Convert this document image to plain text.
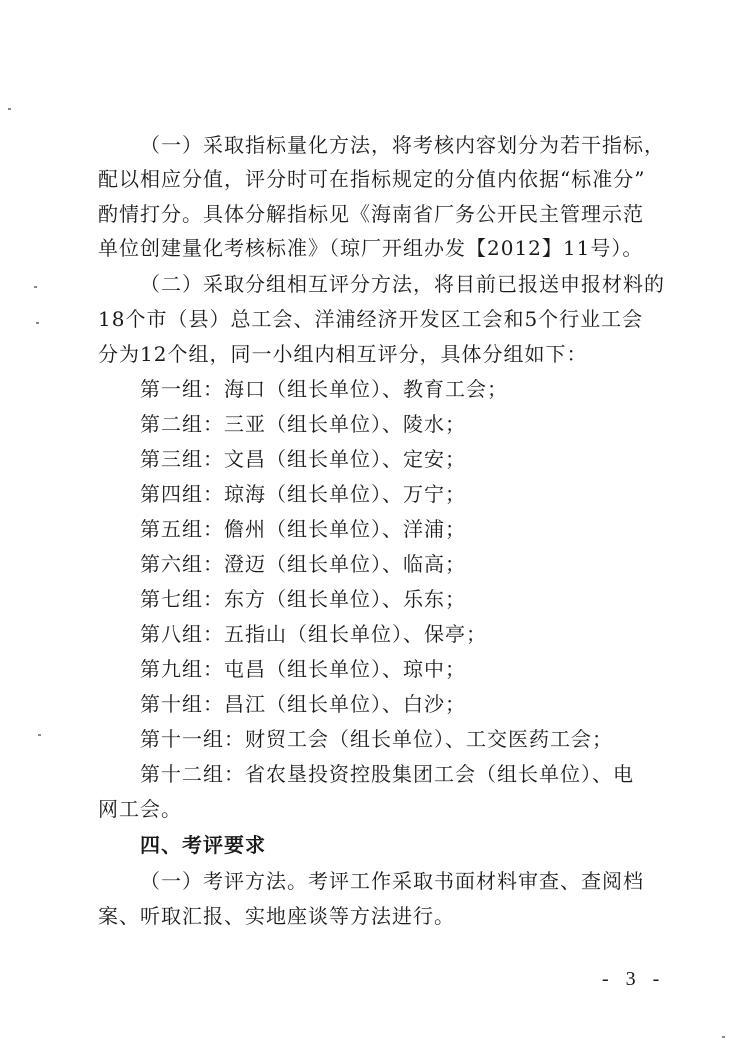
（一）采取指标量化方法，将考核内容划分为若干指标，
配以相应分值，评分时可在指标规定的分值内依据“标准分”
酌情打分。具体分解指标见《海南省厂务公开民主管理示范
单位创建量化考核标准》（琼厂开组办发【2012】11号）。
（二）采取分组相互评分方法，将目前已报送申报材料的
18个市（县）总工会、洋浦经济开发区工会和5个行业工会
分为12个组，同一小组内相互评分，具体分组如下：
第一组：海口（组长单位）、教育工会；
第二组：三亚（组长单位）、陵水；
第三组：文昌（组长单位）、定安；
第四组：琼海（组长单位）、万宁；
第五组：儋州（组长单位）、洋浦；
第六组：澄迈（组长单位）、临高；
第七组：东方（组长单位）、乐东；
第八组：五指山（组长单位）、保亭；
第九组：屯昌（组长单位）、琼中；
第十组：昌江（组长单位）、白沙；
第十一组：财贸工会（组长单位）、工交医药工会；
第十二组：省农垦投资控股集团工会（组长单位）、电
网工会。
四、考评要求
（一）考评方法。考评工作采取书面材料审查、查阅档
案、听取汇报、实地座谈等方法进行。
- 3 -
